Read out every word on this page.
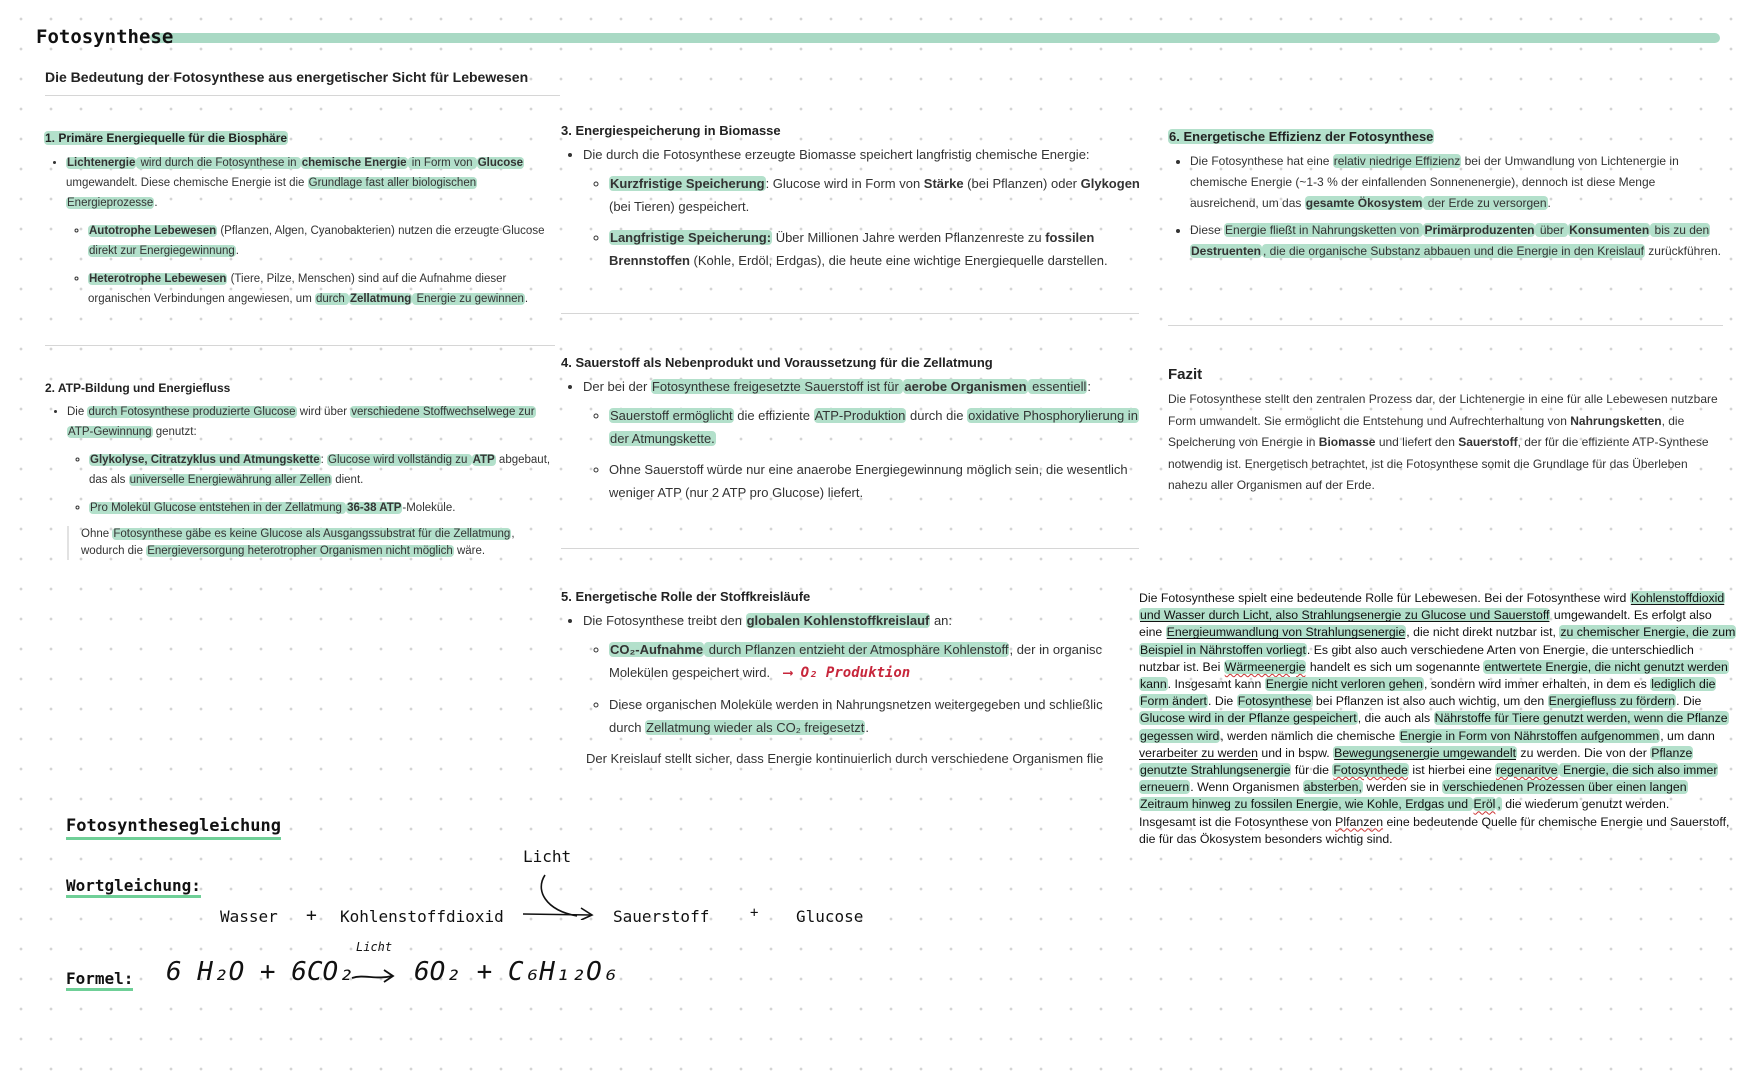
Fotosynthese
Die Bedeutung der Fotosynthese aus energetischer Sicht für Lebewesen
1. Primäre Energiequelle für die Biosphäre
• Lichtenergie wird durch die Fotosynthese in chemische Energie in Form von Glucose umgewandelt. Diese chemische Energie ist die Grundlage fast aller biologischen Energieprozesse.
◦ Autotrophe Lebewesen (Pflanzen, Algen, Cyanobakterien) nutzen die erzeugte Glucose direkt zur Energiegewinnung.
◦ Heterotrophe Lebewesen (Tiere, Pilze, Menschen) sind auf die Aufnahme dieser organischen Verbindungen angewiesen, um durch Zellatmung Energie zu gewinnen.
2. ATP-Bildung und Energiefluss
• Die durch Fotosynthese produzierte Glucose wird über verschiedene Stoffwechselwege zur ATP-Gewinnung genutzt:
◦ Glykolyse, Citratzyklus und Atmungskette: Glucose wird vollständig zu ATP abgebaut, das als universelle Energiewährung aller Zellen dient.
◦ Pro Molekül Glucose entstehen in der Zellatmung 36-38 ATP-Moleküle.
Ohne Fotosynthese gäbe es keine Glucose als Ausgangssubstrat für die Zellatmung, wodurch die Energieversorgung heterotropher Organismen nicht möglich wäre.
3. Energiespeicherung in Biomasse
• Die durch die Fotosynthese erzeugte Biomasse speichert langfristig chemische Energie:
◦ Kurzfristige Speicherung: Glucose wird in Form von Stärke (bei Pflanzen) oder Glykogen (bei Tieren) gespeichert.
◦ Langfristige Speicherung: Über Millionen Jahre werden Pflanzenreste zu fossilen Brennstoffen (Kohle, Erdöl, Erdgas), die heute eine wichtige Energiequelle darstellen.
4. Sauerstoff als Nebenprodukt und Voraussetzung für die Zellatmung
• Der bei der Fotosynthese freigesetzte Sauerstoff ist für aerobe Organismen essentiell:
◦ Sauerstoff ermöglicht die effiziente ATP-Produktion durch die oxidative Phosphorylierung in der Atmungskette.
◦ Ohne Sauerstoff würde nur eine anaerobe Energiegewinnung möglich sein, die wesentlich weniger ATP (nur 2 ATP pro Glucose) liefert.
5. Energetische Rolle der Stoffkreisläufe
• Die Fotosynthese treibt den globalen Kohlenstoffkreislauf an:
◦ CO₂-Aufnahme durch Pflanzen entzieht der Atmosphäre Kohlenstoff, der in organisc
Molekülen gespeichert wird. ⟶ O₂ Produktion
◦ Diese organischen Moleküle werden in Nahrungsnetzen weitergegeben und schließlic durch Zellatmung wieder als CO₂ freigesetzt.
Der Kreislauf stellt sicher, dass Energie kontinuierlich durch verschiedene Organismen flie
6. Energetische Effizienz der Fotosynthese
• Die Fotosynthese hat eine relativ niedrige Effizienz bei der Umwandlung von Lichtenergie in chemische Energie (~1-3 % der einfallenden Sonnenenergie), dennoch ist diese Menge ausreichend, um das gesamte Ökosystem der Erde zu versorgen.
• Diese Energie fließt in Nahrungsketten von Primärproduzenten über Konsumenten bis zu den Destruenten , die die organische Substanz abbauen und die Energie in den Kreislauf zurückführen.
Fazit
Die Fotosynthese stellt den zentralen Prozess dar, der Lichtenergie in eine für alle Lebewesen nutzbare Form umwandelt. Sie ermöglicht die Entstehung und Aufrechterhaltung von Nahrungsketten, die Speicherung von Energie in Biomasse und liefert den Sauerstoff, der für die effiziente ATP-Synthese notwendig ist. Energetisch betrachtet, ist die Fotosynthese somit die Grundlage für das Überleben nahezu aller Organismen auf der Erde.
Die Fotosynthese spielt eine bedeutende Rolle für Lebewesen. Bei der Fotosynthese wird Kohlenstoffdioxid und Wasser durch Licht, also Strahlungsenergie zu Glucose und Sauerstoff umgewandelt. Es erfolgt also eine Energieumwandlung von Strahlungsenergie, die nicht direkt nutzbar ist, zu chemischer Energie, die zum Beispiel in Nährstoffen vorliegt. Es gibt also auch verschiedene Arten von Energie, die unterschiedlich nutzbar ist. Bei Wärmeenergie handelt es sich um sogenannte entwertete Energie, die nicht genutzt werden kann. Insgesamt kann Energie nicht verloren gehen, sondern wird immer erhalten, in dem es lediglich die Form ändert. Die Fotosynthese bei Pflanzen ist also auch wichtig, um den Energiefluss zu fördern. Die Glucose wird in der Pflanze gespeichert, die auch als Nährstoffe für Tiere genutzt werden, wenn die Pflanze gegessen wird, werden nämlich die chemische Energie in Form von Nährstoffen aufgenommen, um dann verarbeiter zu werden und in bspw. Bewegungsenergie umgewandelt zu werden. Die von der Pflanze genutzte Strahlungsenergie für die Fotosynthede ist hierbei eine regenaritve Energie, die sich also immer erneuern. Wenn Organismen absterben, werden sie in verschiedenen Prozessen über einen langen Zeitraum hinweg zu fossilen Energie, wie Kohle, Erdgas und Eröl , die wiederum genutzt werden.
Insgesamt ist die Fotosynthese von Plfanzen eine bedeutende Quelle für chemische Energie und Sauerstoff, die für das Ökosystem besonders wichtig sind.
Fotosynthesegleichung
Wortgleichung:
Licht
Wasser + Kohlenstoffdioxid	Sauerstoff	+ Glucose
Formel: 6 H₂O + 6CO₂
Licht
6O₂ + C₆H₁₂O₆
